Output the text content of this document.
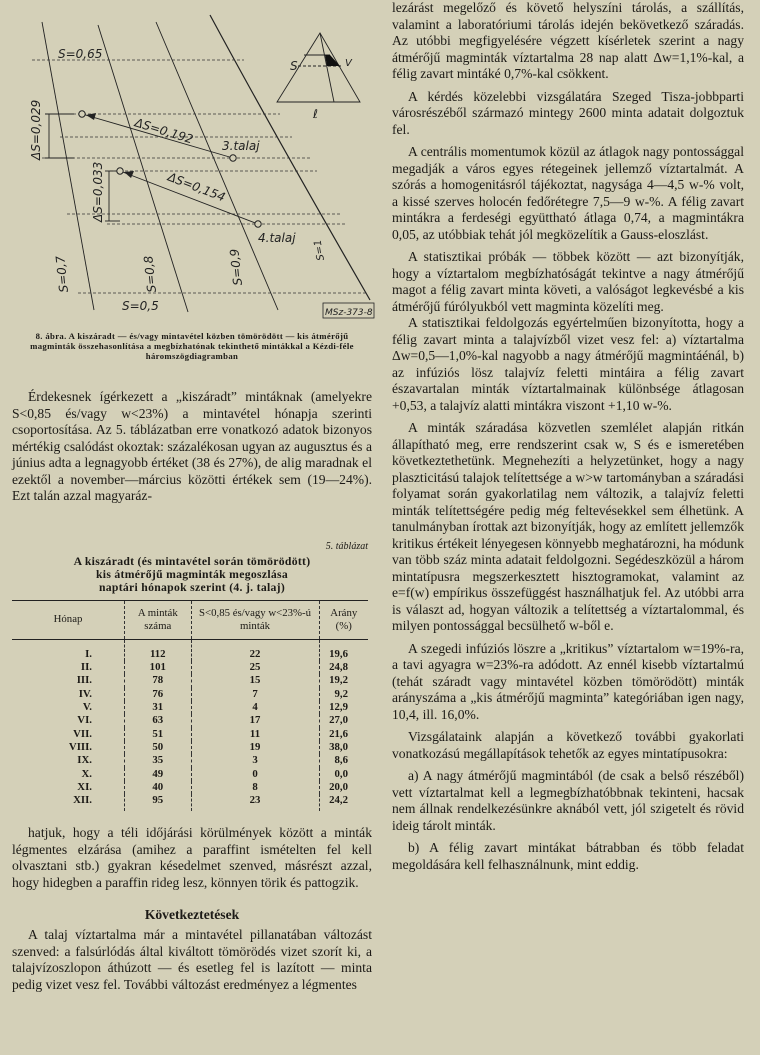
S=0,65
S=0,5
S=0,7	S=0,8	S=0,9	S=1
ΔS=0,029
ΔS=0,033
ΔS=0,192
ΔS=0,154
3.talaj
4.talaj
S	V
ℓ
MSz-373-8
8. ábra. A kiszáradt — és/vagy mintavétel közben tömörödött — kis átmérőjű magminták összehasonlítása a megbízhatónak tekinthető mintákkal a Kézdi-féle háromszögdiagramban

Érdekesnek ígérkezett a „kiszáradt” mintáknak (amelyekre S<0,85 és/vagy w<23%) a mintavétel hónapja szerinti csoportosítása. Az 5. táblázatban erre vonatkozó adatok bizonyos mértékig csalódást okoztak: százalékosan ugyan az augusztus és a június adta a legnagyobb értéket (38 és 27%), de alig maradnak el ezektől a november—március közötti értékek sem (19—24%). Ezt talán azzal magyaráz-

5. táblázat
A kiszáradt (és mintavétel során tömörödött)
kis átmérőjű magminták megoszlása
naptári hónapok szerint (4. j. talaj)
Hónap	A minták száma	S<0,85 és/vagy w<23%-ú minták	Arány (%)
I.	112	22	19,6
II.	101	25	24,8
III.	78	15	19,2
IV.	76	7	9,2
V.	31	4	12,9
VI.	63	17	27,0
VII.	51	11	21,6
VIII.	50	19	38,0
IX.	35	3	8,6
X.	49	0	0,0
XI.	40	8	20,0
XII.	95	23	24,2

hatjuk, hogy a téli időjárási körülmények között a minták légmentes elzárása (amihez a paraffint ismételten fel kell olvasztani stb.) gyakran késedelmet szenved, másrészt azzal, hogy hidegben a paraffin rideg lesz, könnyen törik és pattogzik.

Következtetések

A talaj víztartalma már a mintavétel pillanatában változást szenved: a falsúrlódás által kiváltott tömörödés vizet szorít ki, a talajvízoszlopon áthúzott — és esetleg fel is lazított — minta pedig vizet vesz fel. További változást eredményez a légmentes

lezárást megelőző és követő helyszíni tárolás, a szállítás, valamint a laboratóriumi tárolás idején bekövetkező száradás. Az utóbbi megfigyelésére végzett kísérletek szerint a nagy átmérőjű magminták víztartalma 28 nap alatt Δw=1,1%-kal, a félig zavart mintáké 0,7%-kal csökkent.

A kérdés közelebbi vizsgálatára Szeged Tisza-jobbparti városrészéből származó mintegy 2600 minta adatait dolgoztuk fel.

A centrális momentumok közül az átlagok nagy pontossággal megadják a város egyes rétegeinek jellemző víztartalmát. A szórás a homogenitásról tájékoztat, nagysága 4—4,5 w-% volt, a kissé szerves holocén fedőrétegre 7,5—9 w-%. A félig zavart mintákra a ferdeségi együttható átlaga 0,74, a magmintákra 0,05, az utóbbiak tehát jól megközelítik a Gauss-eloszlást.

A statisztikai próbák — többek között — azt bizonyítják, hogy a víztartalom megbízhatóságát tekintve a nagy átmérőjű magot a félig zavart minta követi, a valóságot legkevésbé a kis átmérőjű fúrólyukból vett magminta közelíti meg.

A statisztikai feldolgozás egyértelműen bizonyította, hogy a félig zavart minta a talajvízből vizet vesz fel: a) víztartalma Δw=0,5—1,0%-kal nagyobb a nagy átmérőjű magmintáénál, b) az infúziós lösz talajvíz feletti mintáira a félig zavart észavartalan minták víztartalmainak különbsége átlagosan +0,53, a talajvíz alatti mintákra viszont +1,10 w-%.

A minták száradása közvetlen szemlélet alapján ritkán állapítható meg, erre rendszerint csak w, S és e ismeretében következtethetünk. Megnehezíti a helyzetünket, hogy a nagy plaszticitású talajok telítettsége a w>w tartományban a száradási folyamat során gyakorlatilag nem változik, a talajvíz feletti minták telítettségére pedig még feltevésekkel sem élhetünk. A tanulmányban írottak azt bizonyítják, hogy az említett jellemzők kritikus értékeit lényegesen könnyebb meghatározni, ha módunk van több száz minta adatait feldolgozni. Segédeszközül a három mintatípusra megszerkesztett hisztogramokat, valamint az e=f(w) empírikus összefüggést használhatjuk fel. Az utóbbi arra is választ ad, hogyan változik a telítettség a víztartalommal, és milyen pontossággal becsülhető w-ből e.

A szegedi infúziós löszre a „kritikus” víztartalom w=19%-ra, a tavi agyagra w=23%-ra adódott. Az ennél kisebb víztartalmú (tehát száradt vagy mintavétel közben tömörödött) minták arányszáma a „kis átmérőjű magminta” kategóriában igen nagy, 10,4, ill. 16,0%.

Vizsgálataink alapján a következő további gyakorlati vonatkozású megállapítások tehetők az egyes mintatípusokra:

a) A nagy átmérőjű magmintából (de csak a belső részéből) vett víztartalmat kell a legmegbízhatóbbnak tekinteni, hacsak nem állnak rendelkezésünkre aknából vett, jól szigetelt és rövid ideig tárolt minták.

b) A félig zavart mintákat bátrabban és több feladat megoldására kell felhasználnunk, mint eddig.
